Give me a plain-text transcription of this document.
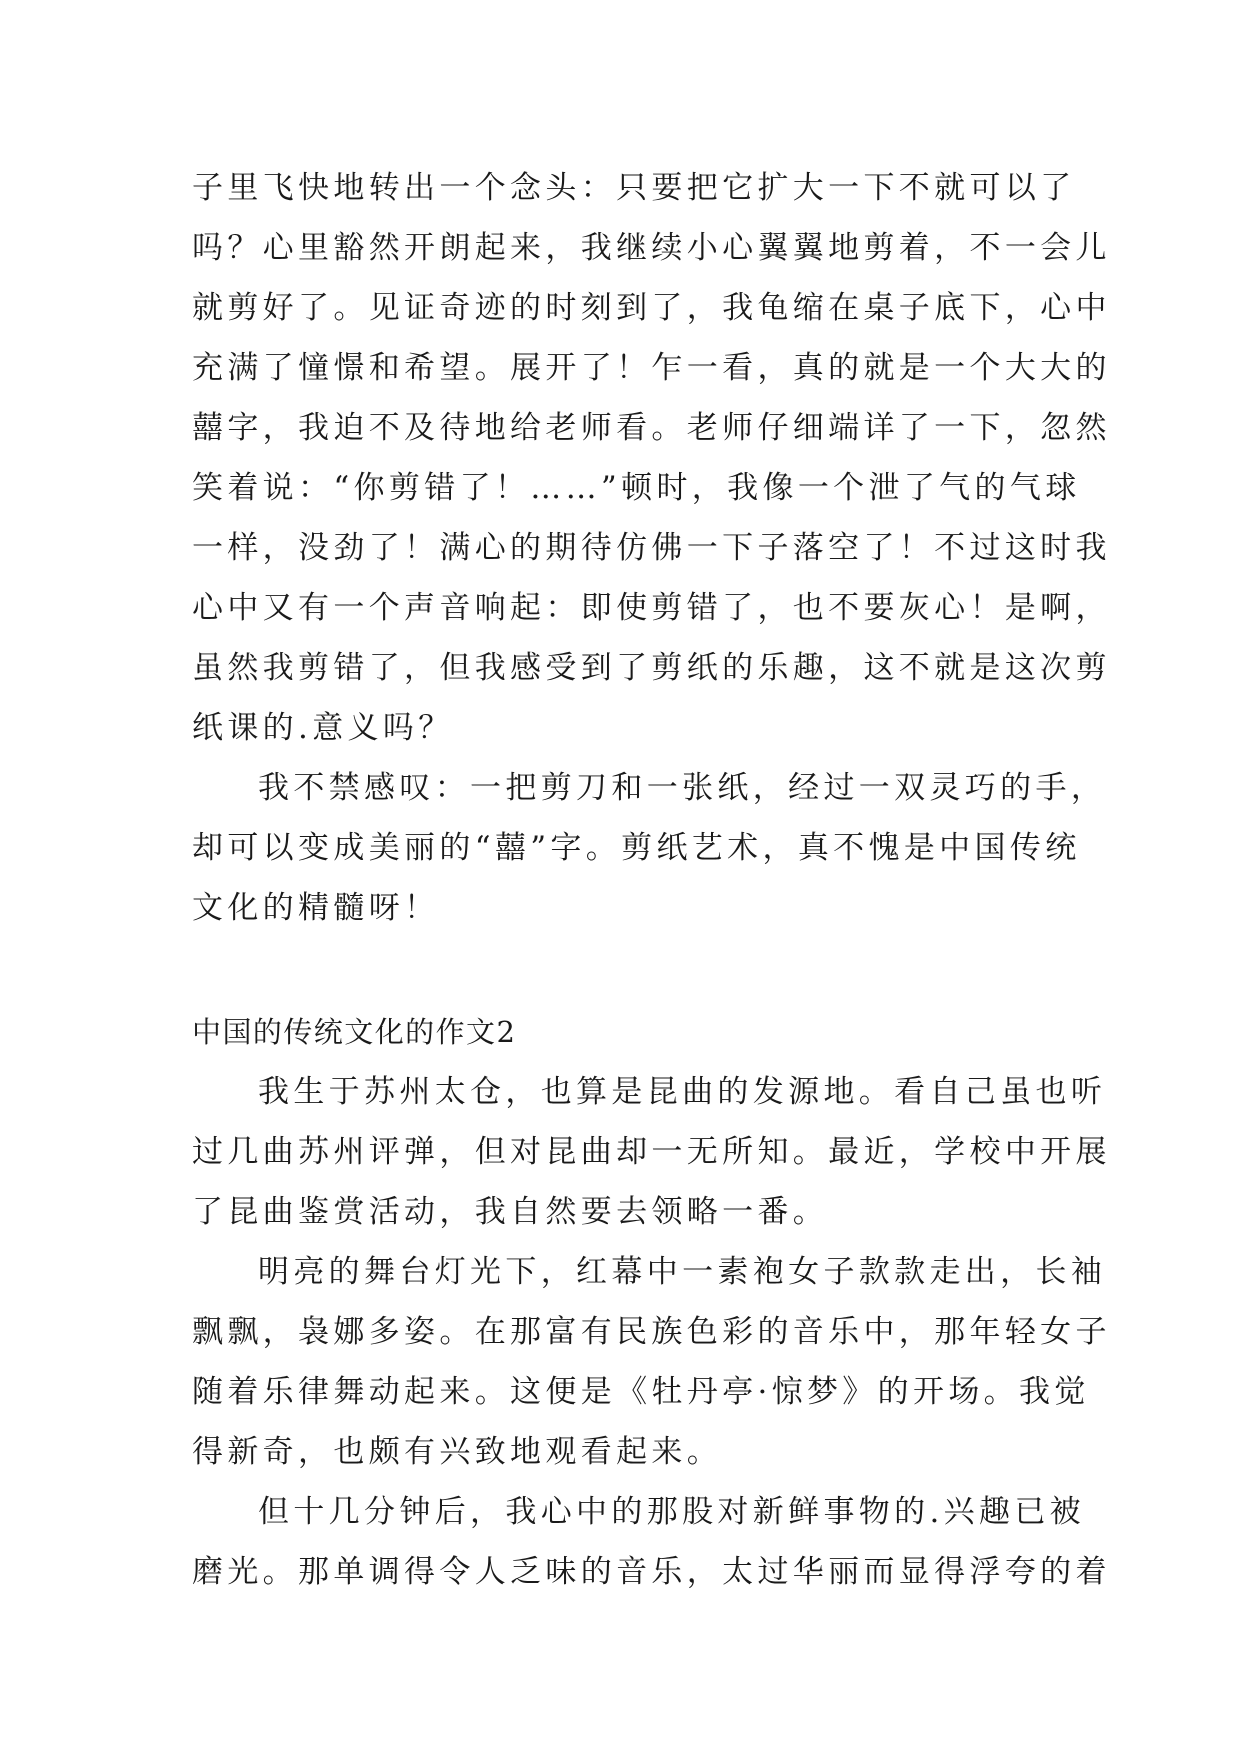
子里飞快地转出一个念头：只要把它扩大一下不就可以了
吗？心里豁然开朗起来，我继续小心翼翼地剪着，不一会儿
就剪好了。见证奇迹的时刻到了，我龟缩在桌子底下，心中
充满了憧憬和希望。展开了！乍一看，真的就是一个大大的
囍字，我迫不及待地给老师看。老师仔细端详了一下，忽然
笑着说：“你剪错了！……”顿时，我像一个泄了气的气球
一样，没劲了！满心的期待仿佛一下子落空了！不过这时我
心中又有一个声音响起：即使剪错了，也不要灰心！是啊，
虽然我剪错了，但我感受到了剪纸的乐趣，这不就是这次剪
纸课的.意义吗？
我不禁感叹：一把剪刀和一张纸，经过一双灵巧的手，
却可以变成美丽的“囍”字。剪纸艺术，真不愧是中国传统
文化的精髓呀！
中国的传统文化的作文2
我生于苏州太仓，也算是昆曲的发源地。看自己虽也听
过几曲苏州评弹，但对昆曲却一无所知。最近，学校中开展
了昆曲鉴赏活动，我自然要去领略一番。
明亮的舞台灯光下，红幕中一素袍女子款款走出，长袖
飘飘，袅娜多姿。在那富有民族色彩的音乐中，那年轻女子
随着乐律舞动起来。这便是《牡丹亭·惊梦》的开场。我觉
得新奇，也颇有兴致地观看起来。
但十几分钟后，我心中的那股对新鲜事物的.兴趣已被
磨光。那单调得令人乏味的音乐，太过华丽而显得浮夸的着
